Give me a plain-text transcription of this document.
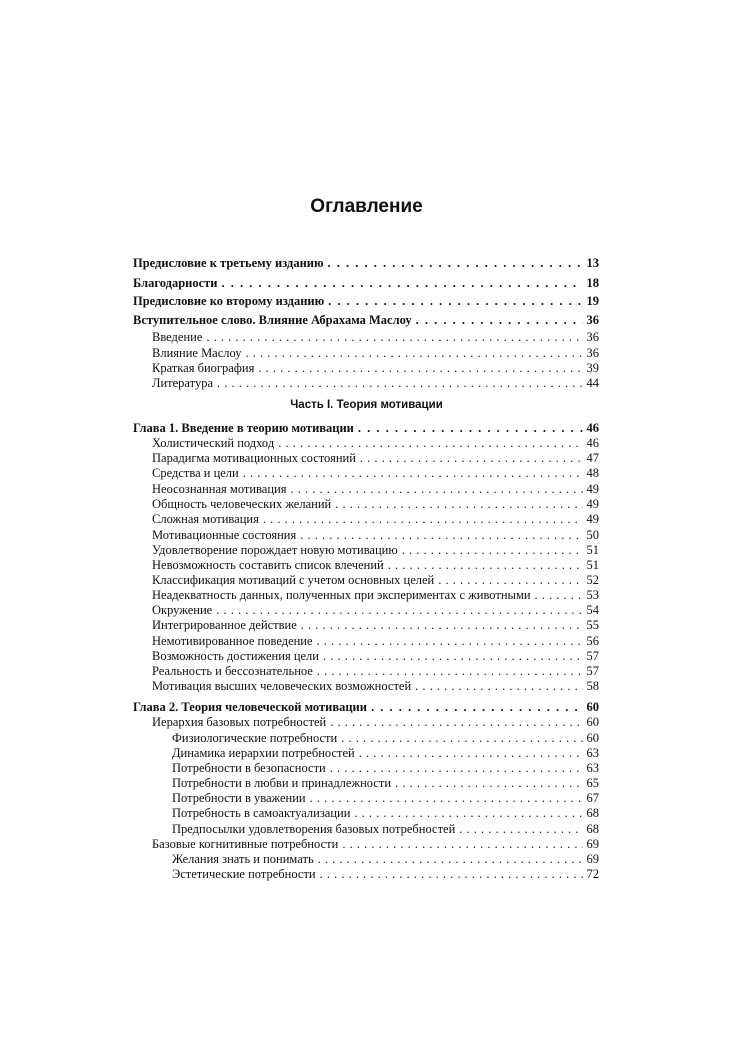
Оглавление
Предисловие к третьему изданию . . .	13
Благодарности . . .	18
Предисловие ко второму изданию . . .	19
Вступительное слово. Влияние Абрахама Маслоу . . .	36
Введение . . .	36
Влияние Маслоу . . .	36
Краткая биография . . .	39
Литература . . .	44
Часть I. Теория мотивации
Глава 1. Введение в теорию мотивации . . .	46
Холистический подход . . .	46
Парадигма мотивационных состояний . . .	47
Средства и цели . . .	48
Неосознанная мотивация . . .	49
Общность человеческих желаний . . .	49
Сложная мотивация . . .	49
Мотивационные состояния . . .	50
Удовлетворение порождает новую мотивацию . . .	51
Невозможность составить список влечений . . .	51
Классификация мотиваций с учетом основных целей . . .	52
Неадекватность данных, полученных при экспериментах с животными . . .	53
Окружение . . .	54
Интегрированное действие . . .	55
Немотивированное поведение . . .	56
Возможность достижения цели . . .	57
Реальность и бессознательное . . .	57
Мотивация высших человеческих возможностей . . .	58
Глава 2. Теория человеческой мотивации . . .	60
Иерархия базовых потребностей . . .	60
Физиологические потребности . . .	60
Динамика иерархии потребностей . . .	63
Потребности в безопасности . . .	63
Потребности в любви и принадлежности . . .	65
Потребности в уважении . . .	67
Потребность в самоактуализации . . .	68
Предпосылки удовлетворения базовых потребностей . . .	68
Базовые когнитивные потребности . . .	69
Желания знать и понимать . . .	69
Эстетические потребности . . .	72
